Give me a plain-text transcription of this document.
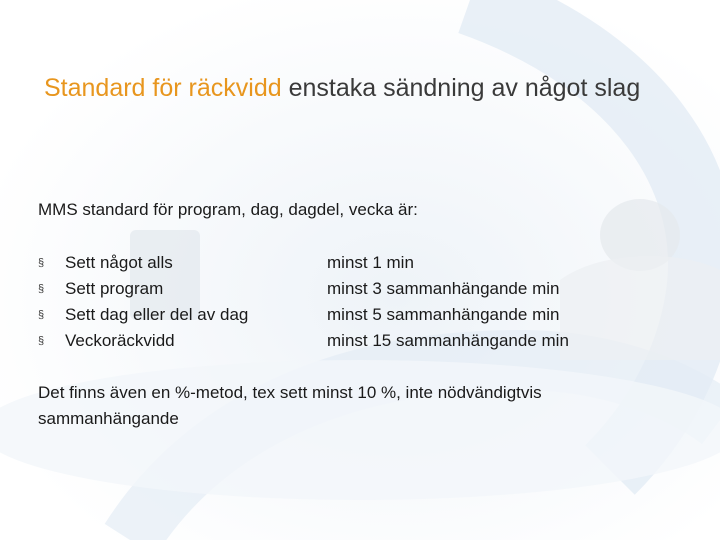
Standard för räckvidd enstaka sändning av något slag
MMS standard för program, dag, dagdel, vecka är:
§	Sett något alls	minst 1 min
§	Sett program	minst 3 sammanhängande min
§	Sett dag eller del av dag	minst 5 sammanhängande min
§	Veckoräckvidd	minst 15 sammanhängande min
Det finns även en %-metod, tex sett minst 10 %, inte nödvändigtvis sammanhängande
